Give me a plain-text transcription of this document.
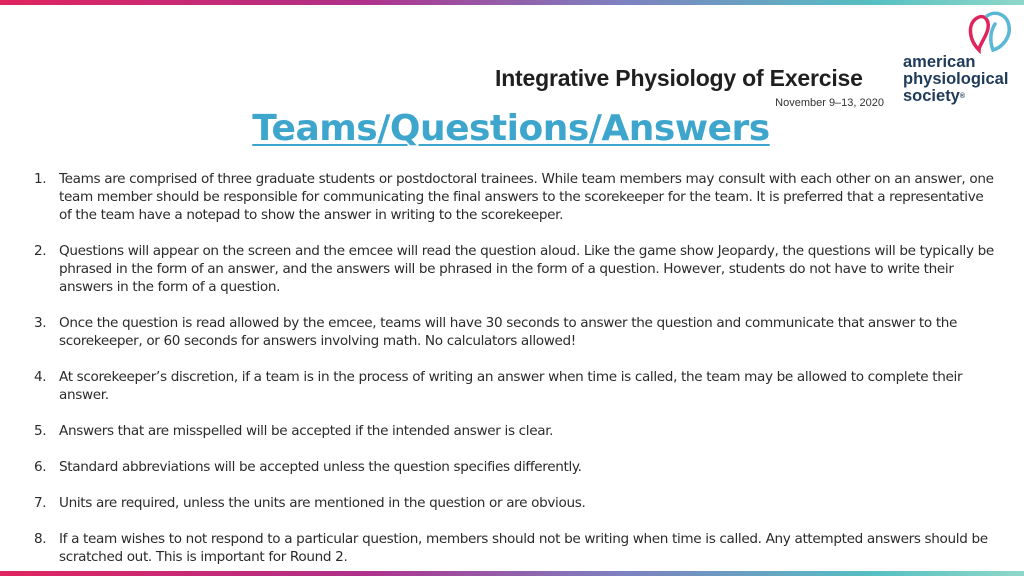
Integrative Physiology of Exercise
November 9–13, 2020
american
physiological
society®
Teams/Questions/Answers
1. Teams are comprised of three graduate students or postdoctoral trainees. While team members may consult with each other on an answer, one team member should be responsible for communicating the final answers to the scorekeeper for the team. It is preferred that a representative of the team have a notepad to show the answer in writing to the scorekeeper.
2. Questions will appear on the screen and the emcee will read the question aloud. Like the game show Jeopardy, the questions will be typically be phrased in the form of an answer, and the answers will be phrased in the form of a question. However, students do not have to write their answers in the form of a question.
3. Once the question is read allowed by the emcee, teams will have 30 seconds to answer the question and communicate that answer to the scorekeeper, or 60 seconds for answers involving math. No calculators allowed!
4. At scorekeeper’s discretion, if a team is in the process of writing an answer when time is called, the team may be allowed to complete their answer.
5. Answers that are misspelled will be accepted if the intended answer is clear.
6. Standard abbreviations will be accepted unless the question specifies differently.
7. Units are required, unless the units are mentioned in the question or are obvious.
8. If a team wishes to not respond to a particular question, members should not be writing when time is called. Any attempted answers should be scratched out. This is important for Round 2.
